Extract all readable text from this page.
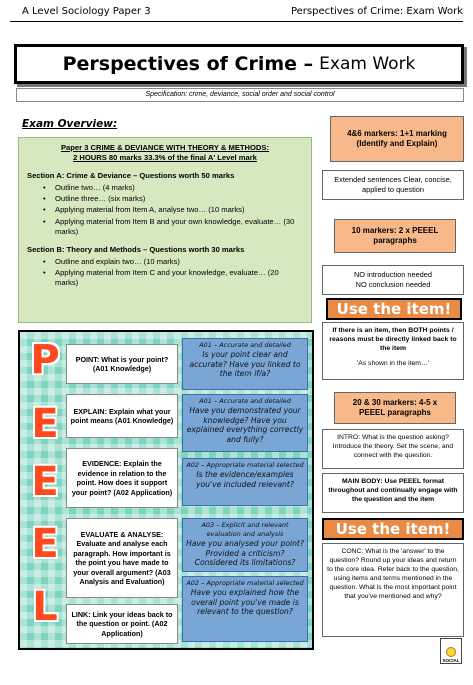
A Level Sociology Paper 3	Perspectives of Crime: Exam Work
Perspectives of Crime – Exam Work
Specification: crime, deviance, social order and social control
Exam Overview:
Paper 3 CRIME & DEVIANCE WITH THEORY & METHODS:
2 HOURS 80 marks 33.3% of the final A' Level mark
Section A: Crime & Deviance – Questions worth 50 marks
• Outline two… (4 marks)
• Outline three… (six marks)
• Applying material from Item A, analyse two… (10 marks)
• Applying material from Item B and your own knowledge, evaluate… (30 marks)
Section B: Theory and Methods – Questions worth 30 marks
• Outline and explain two… (10 marks)
• Applying material from Item C and your knowledge, evaluate… (20 marks)
4&6 markers: 1+1 marking (Identify and Explain)
Extended sentences Clear, concise, applied to question
10 markers: 2 x PEEEL paragraphs
NO introduction needed
NO conclusion needed
Use the item!
If there is an item, then BOTH points / reasons must be directly linked back to the item
'As shown in the item…'
20 & 30 markers: 4-5 x PEEEL paragraphs
INTRO: What is the question asking? Introduce the theory. Set the scene, and connect with the question.
MAIN BODY: Use PEEEL format throughout and continually engage with the question and the item
Use the item!
CONC: What is the 'answer' to the question? Round up your ideas and return to the core idea. Refer back to the question, using items and terms mentioned in the question. What is the most important point that you've mentioned and why?
SOCIAL
P
E
E
E
L
POINT: What is your point? (A01 Knowledge)
EXPLAIN: Explain what your point means (A01 Knowledge)
EVIDENCE: Explain the evidence in relation to the point. How does it support your point? (A02 Application)
EVALUATE & ANALYSE: Evaluate and analyse each paragraph. How important is the point you have made to your overall argument? (A03 Analysis and Evaluation)
LINK: Link your ideas back to the question or point. (A02 Application)
A01 – Accurate and detailed
Is your point clear and accurate? Have you linked to the item if/a?
A01 – Accurate and detailed
Have you demonstrated your knowledge? Have you explained everything correctly and fully?
A02 – Appropriate material selected
Is the evidence/examples you've included relevant?
A03 – Explicit and relevant evaluation and analysis
Have you analysed your point? Provided a criticism? Considered its limitations?
A02 – Appropriate material selected
Have you explained how the overall point you've made is relevant to the question?
